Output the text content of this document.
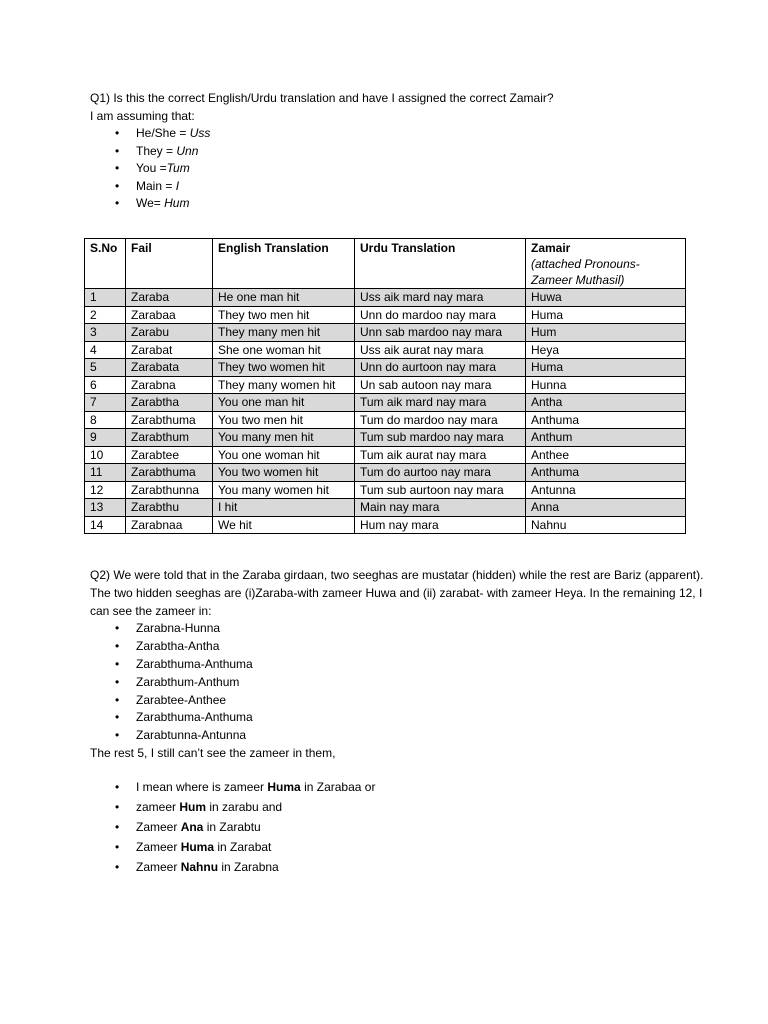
Q1) Is this the correct English/Urdu translation and have I assigned the correct Zamair?
I am assuming that:
• He/She = Uss
• They = Unn
• You =Tum
• Main = I
• We= Hum
S.No	Fail	English Translation	Urdu Translation	Zamair
(attached Pronouns- Zameer Muthasil)

1	Zaraba	He one man hit	Uss aik mard nay mara	Huwa
2	Zarabaa	They two men hit	Unn do mardoo nay mara	Huma
3	Zarabu	They many men hit	Unn sab mardoo nay mara	Hum
4	Zarabat	She one woman hit	Uss aik aurat nay mara	Heya
5	Zarabata	They two women hit	Unn do aurtoon nay mara	Huma
6	Zarabna	They many women hit	Un sab autoon nay mara	Hunna
7	Zarabtha	You one man hit	Tum aik mard nay mara	Antha
8	Zarabthuma	You two men hit	Tum do mardoo nay mara	Anthuma
9	Zarabthum	You many men hit	Tum sub mardoo nay mara	Anthum
10	Zarabtee	You one woman hit	Tum aik aurat nay mara	Anthee
11	Zarabthuma	You two women hit	Tum do aurtoo nay mara	Anthuma
12	Zarabthunna	You many women hit	Tum sub aurtoon nay mara	Antunna
13	Zarabthu	I hit	Main nay mara	Anna
14	Zarabnaa	We hit	Hum nay mara	Nahnu
Q2) We were told that in the Zaraba girdaan, two seeghas are mustatar (hidden) while the rest are Bariz (apparent). The two hidden seeghas are (i)Zaraba-with zameer Huwa and (ii) zarabat- with zameer Heya. In the remaining 12, I can see the zameer in:
• Zarabna-Hunna
• Zarabtha-Antha
• Zarabthuma-Anthuma
• Zarabthum-Anthum
• Zarabtee-Anthee
• Zarabthuma-Anthuma
• Zarabtunna-Antunna
The rest 5, I still can’t see the zameer in them,
• I mean where is zameer Huma in Zarabaa or
• zameer Hum in zarabu and
• Zameer Ana in Zarabtu
• Zameer Huma in Zarabat
• Zameer Nahnu in Zarabna
